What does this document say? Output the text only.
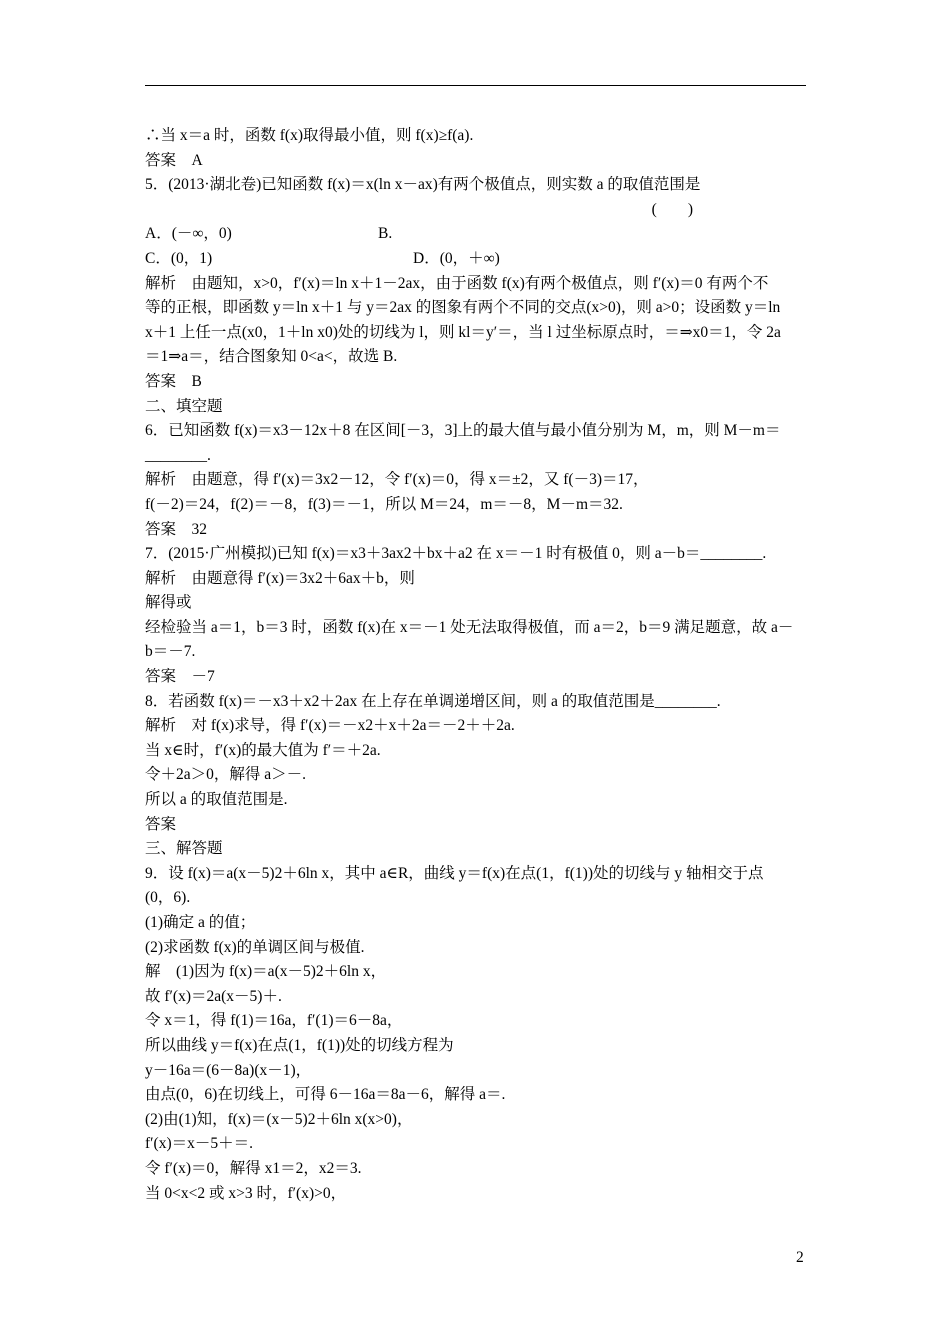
∴当 x＝a 时，函数 f(x)取得最小值，则 f(x)≥f(a).
答案　A
5．(2013·湖北卷)已知函数 f(x)＝x(ln x－ax)有两个极值点，则实数 a 的取值范围是
(　　)
A．(－∞，0)	B.
C．(0，1)	D．(0，＋∞)
解析　由题知，x>0，f′(x)＝ln x＋1－2ax，由于函数 f(x)有两个极值点，则 f′(x)＝0 有两个不
等的正根，即函数 y＝ln x＋1 与 y＝2ax 的图象有两个不同的交点(x>0)，则 a>0；设函数 y＝ln
x＋1 上任一点(x0，1＋ln x0)处的切线为 l，则 kl＝y′＝，当 l 过坐标原点时，＝⇒x0＝1，令 2a
＝1⇒a＝，结合图象知 0<a<，故选 B.
答案　B
二、填空题
6．已知函数 f(x)＝x3－12x＋8 在区间[－3，3]上的最大值与最小值分别为 M，m，则 M－m＝
________.
解析　由题意，得 f′(x)＝3x2－12，令 f′(x)＝0，得 x＝±2，又 f(－3)＝17，
f(－2)＝24，f(2)＝－8，f(3)＝－1，所以 M＝24，m＝－8，M－m＝32.
答案　32
7．(2015·广州模拟)已知 f(x)＝x3＋3ax2＋bx＋a2 在 x＝－1 时有极值 0，则 a－b＝________.
解析　由题意得 f′(x)＝3x2＋6ax＋b，则
解得或
经检验当 a＝1，b＝3 时，函数 f(x)在 x＝－1 处无法取得极值，而 a＝2，b＝9 满足题意，故 a－
b＝－7.
答案　－7
8．若函数 f(x)＝－x3＋x2＋2ax 在上存在单调递增区间，则 a 的取值范围是________.
解析　对 f(x)求导，得 f′(x)＝－x2＋x＋2a＝－2＋＋2a.
当 x∈时，f′(x)的最大值为 f′＝＋2a.
令＋2a＞0，解得 a＞－.
所以 a 的取值范围是.
答案
三、解答题
9．设 f(x)＝a(x－5)2＋6ln x，其中 a∈R，曲线 y＝f(x)在点(1，f(1))处的切线与 y 轴相交于点
(0，6).
(1)确定 a 的值；
(2)求函数 f(x)的单调区间与极值.
解　(1)因为 f(x)＝a(x－5)2＋6ln x，
故 f′(x)＝2a(x－5)＋.
令 x＝1，得 f(1)＝16a，f′(1)＝6－8a，
所以曲线 y＝f(x)在点(1，f(1))处的切线方程为
y－16a＝(6－8a)(x－1)，
由点(0，6)在切线上，可得 6－16a＝8a－6，解得 a＝.
(2)由(1)知，f(x)＝(x－5)2＋6ln x(x>0)，
f′(x)＝x－5＋＝.
令 f′(x)＝0，解得 x1＝2，x2＝3.
当 0<x<2 或 x>3 时，f′(x)>0，
2
